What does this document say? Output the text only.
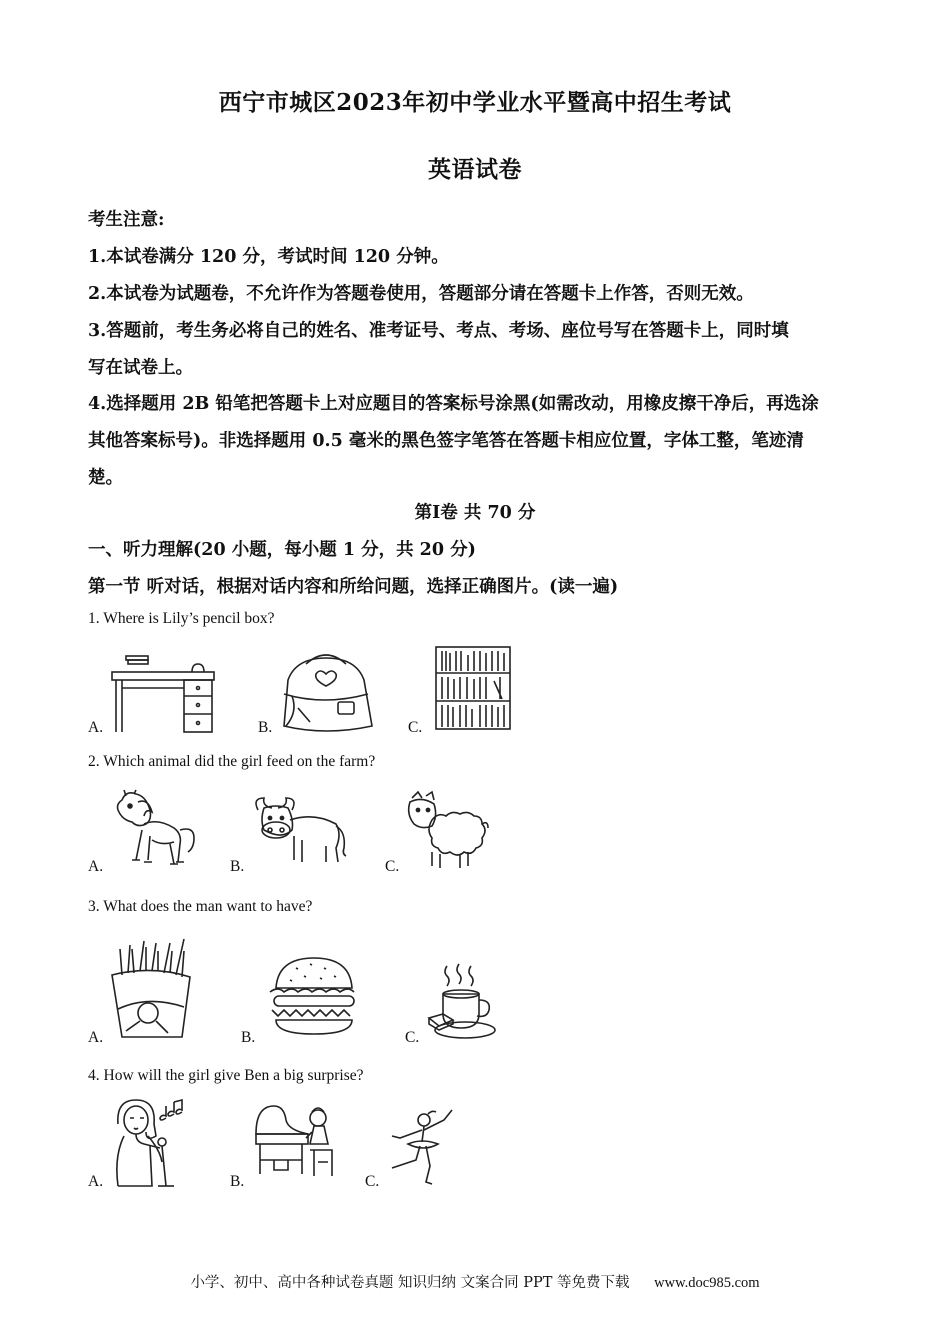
西宁市城区2023年初中学业水平暨高中招生考试
英语试卷
考生注意:
1.本试卷满分 120 分，考试时间 120 分钟。
2.本试卷为试题卷，不允许作为答题卷使用，答题部分请在答题卡上作答，否则无效。
3.答题前，考生务必将自己的姓名、准考证号、考点、考场、座位号写在答题卡上，同时填
写在试卷上。
4.选择题用 2B 铅笔把答题卡上对应题目的答案标号涂黑(如需改动，用橡皮擦干净后，再选涂
其他答案标号)。非选择题用 0.5 毫米的黑色签字笔答在答题卡相应位置，字体工整，笔迹清
楚。
第Ⅰ卷 共 70 分
一、听力理解(20 小题，每小题 1 分，共 20 分)
第一节 听对话，根据对话内容和所给问题，选择正确图片。(读一遍)
1. Where is Lily’s pencil box?
A.	B.	C.
2. Which animal did the girl feed on the farm?
A.	B.	C.
3. What does the man want to have?
A.	B.	C.
4. How will the girl give Ben a big surprise?
A.	B.	C.
小学、初中、高中各种试卷真题 知识归纳 文案合同 PPT 等免费下载 www.doc985.com
